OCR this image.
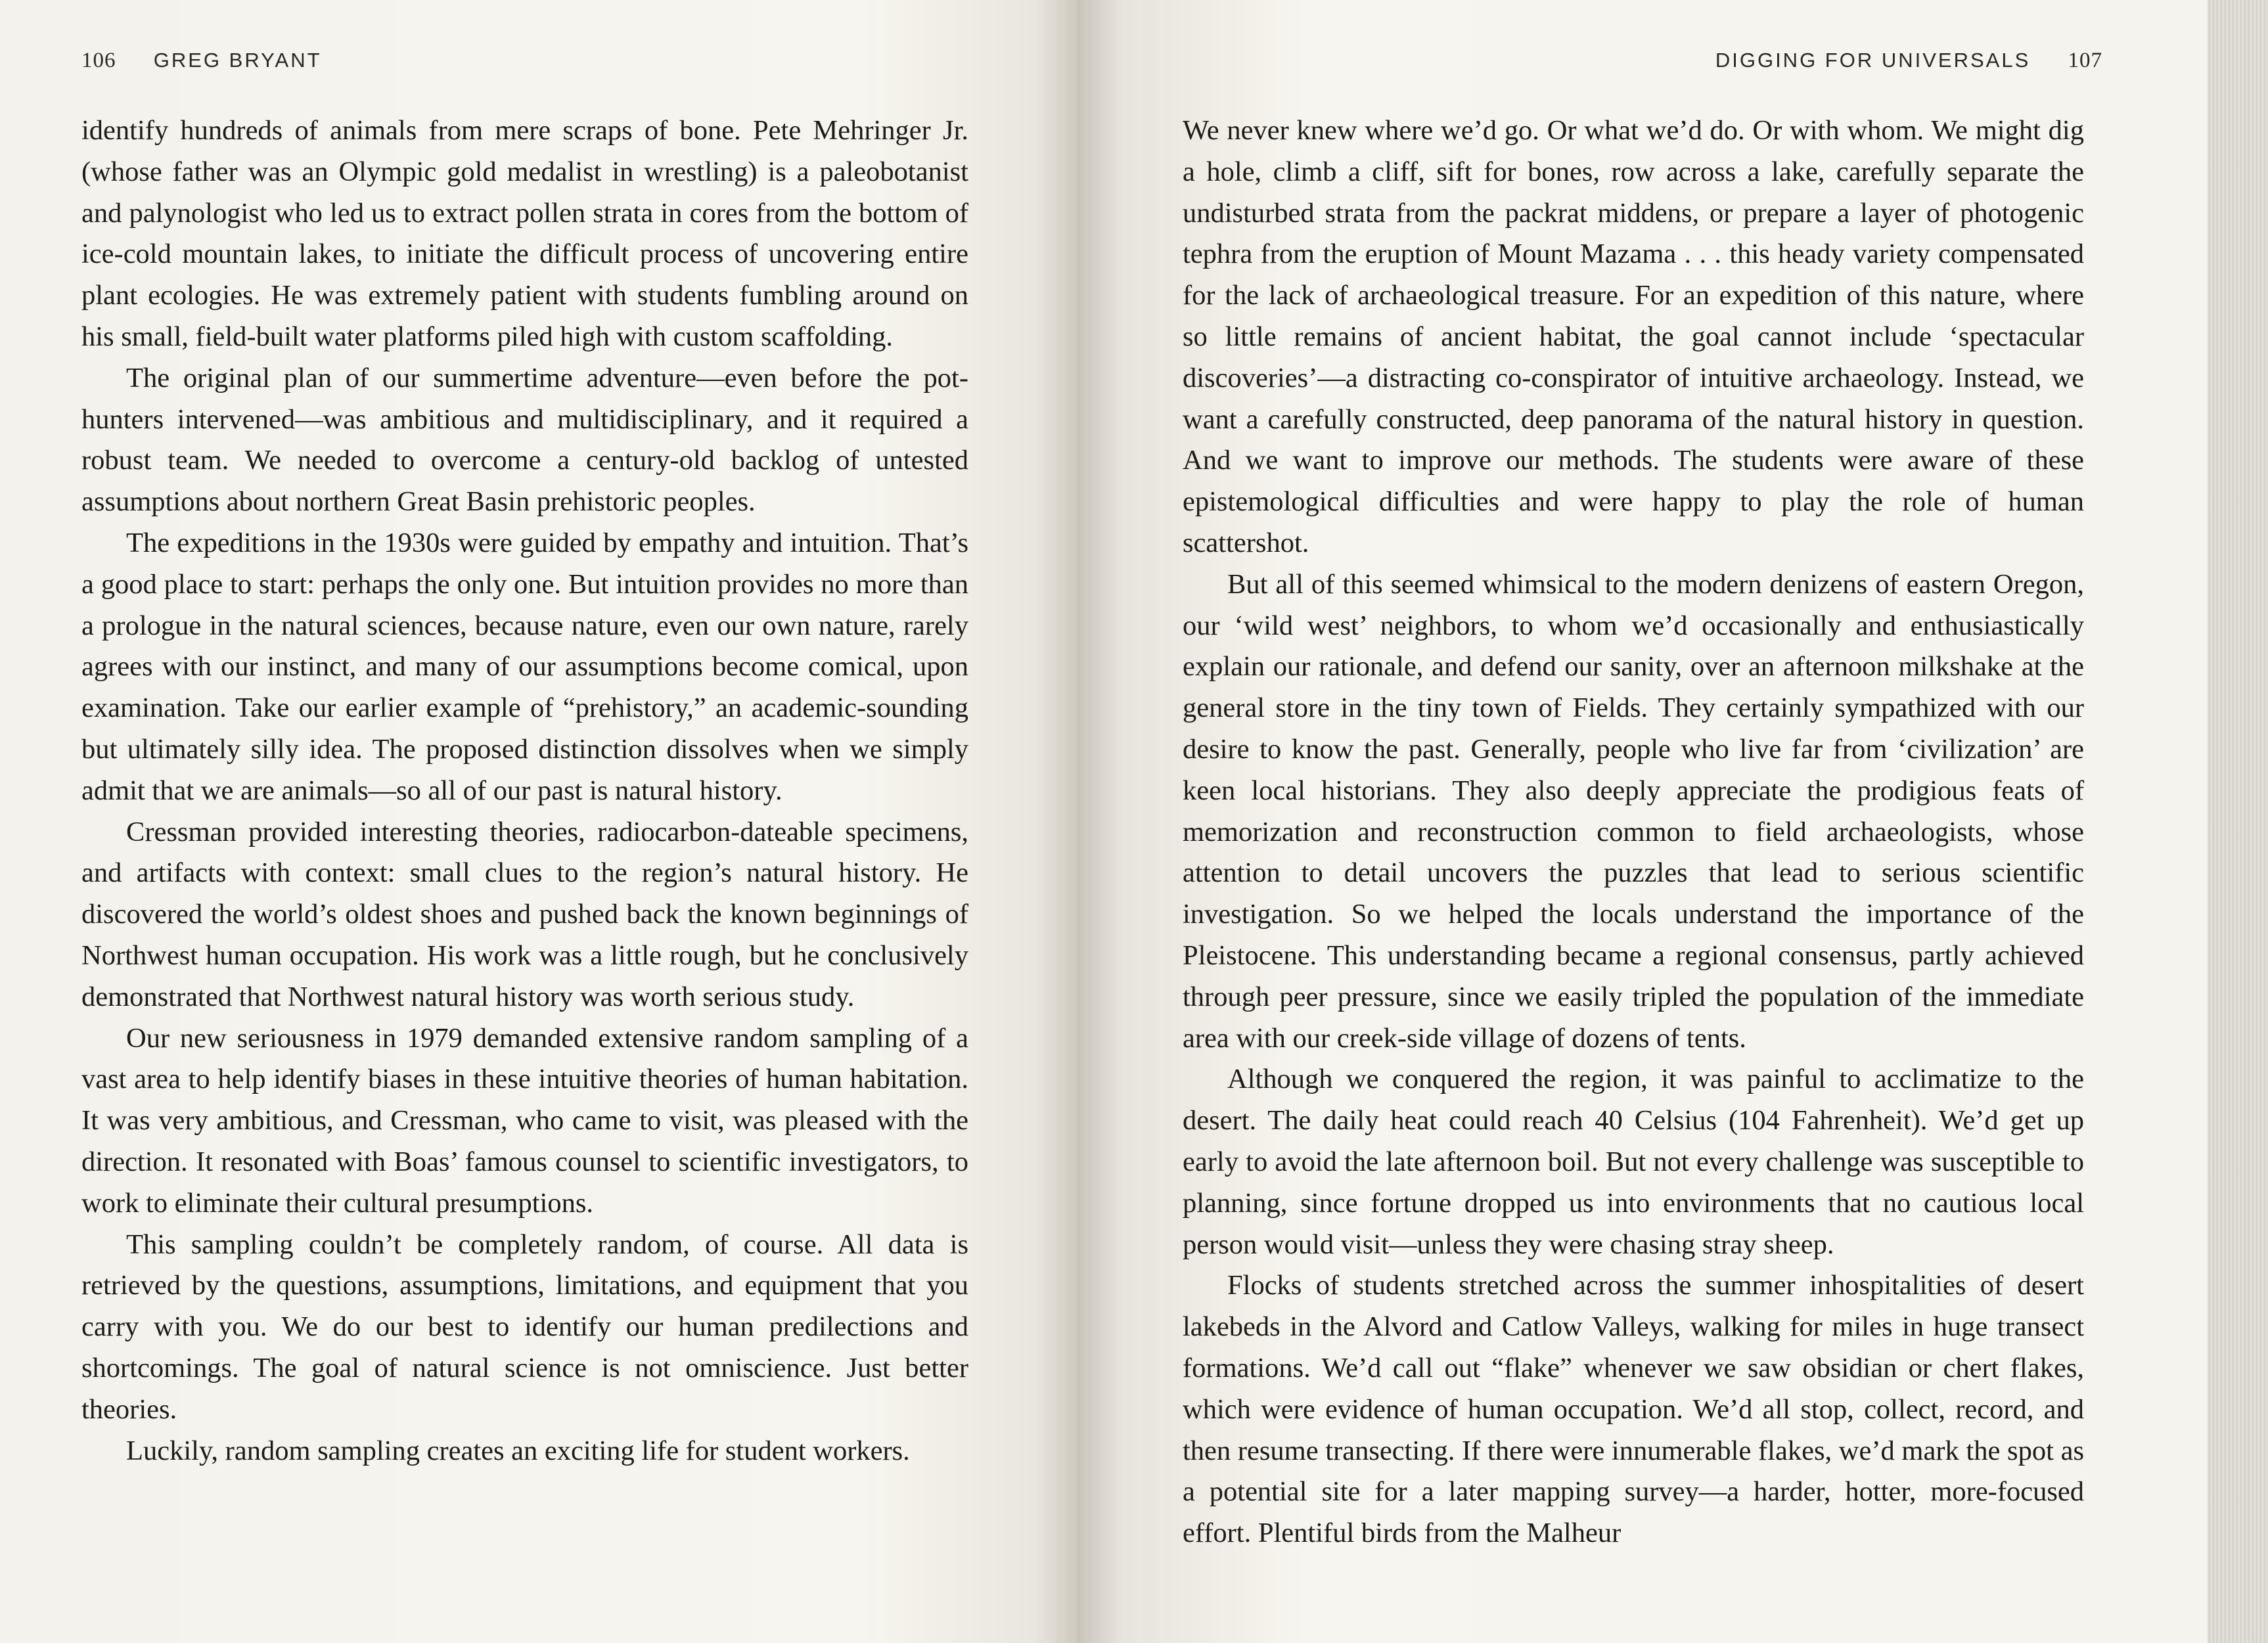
106 GREG BRYANT

identify hundreds of animals from mere scraps of bone. Pete Mehringer Jr. (whose father was an Olympic gold medalist in wrestling) is a paleobotanist and palynologist who led us to extract pollen strata in cores from the bottom of ice-cold mountain lakes, to initiate the difficult process of uncovering entire plant ecologies. He was extremely patient with students fumbling around on his small, field-built water platforms piled high with custom scaffolding.

The original plan of our summertime adventure—even before the pot-hunters intervened—was ambitious and multidisciplinary, and it required a robust team. We needed to overcome a century-old backlog of untested assumptions about northern Great Basin prehistoric peoples.

The expeditions in the 1930s were guided by empathy and intuition. That’s a good place to start: perhaps the only one. But intuition provides no more than a prologue in the natural sciences, because nature, even our own nature, rarely agrees with our instinct, and many of our assumptions become comical, upon examination. Take our earlier example of “prehistory,” an academic-sounding but ultimately silly idea. The proposed distinction dissolves when we simply admit that we are animals—so all of our past is natural history.

Cressman provided interesting theories, radiocarbon-dateable specimens, and artifacts with context: small clues to the region’s natural history. He discovered the world’s oldest shoes and pushed back the known beginnings of Northwest human occupation. His work was a little rough, but he conclusively demonstrated that Northwest natural history was worth serious study.

Our new seriousness in 1979 demanded extensive random sampling of a vast area to help identify biases in these intuitive theories of human habitation. It was very ambitious, and Cressman, who came to visit, was pleased with the direction. It resonated with Boas’ famous counsel to scientific investigators, to work to eliminate their cultural presumptions.

This sampling couldn’t be completely random, of course. All data is retrieved by the questions, assumptions, limitations, and equipment that you carry with you. We do our best to identify our human predilections and shortcomings. The goal of natural science is not omniscience. Just better theories.

Luckily, random sampling creates an exciting life for student workers.

DIGGING FOR UNIVERSALS 107

We never knew where we’d go. Or what we’d do. Or with whom. We might dig a hole, climb a cliff, sift for bones, row across a lake, carefully separate the undisturbed strata from the packrat middens, or prepare a layer of photogenic tephra from the eruption of Mount Mazama . . . this heady variety compensated for the lack of archaeological treasure. For an expedition of this nature, where so little remains of ancient habitat, the goal cannot include ‘spectacular discoveries’—a distracting co-conspirator of intuitive archaeology. Instead, we want a carefully constructed, deep panorama of the natural history in question. And we want to improve our methods. The students were aware of these epistemological difficulties and were happy to play the role of human scattershot.

But all of this seemed whimsical to the modern denizens of eastern Oregon, our ‘wild west’ neighbors, to whom we’d occasionally and enthusiastically explain our rationale, and defend our sanity, over an afternoon milkshake at the general store in the tiny town of Fields. They certainly sympathized with our desire to know the past. Generally, people who live far from ‘civilization’ are keen local historians. They also deeply appreciate the prodigious feats of memorization and reconstruction common to field archaeologists, whose attention to detail uncovers the puzzles that lead to serious scientific investigation. So we helped the locals understand the importance of the Pleistocene. This understanding became a regional consensus, partly achieved through peer pressure, since we easily tripled the population of the immediate area with our creek-side village of dozens of tents.

Although we conquered the region, it was painful to acclimatize to the desert. The daily heat could reach 40 Celsius (104 Fahrenheit). We’d get up early to avoid the late afternoon boil. But not every challenge was susceptible to planning, since fortune dropped us into environments that no cautious local person would visit—unless they were chasing stray sheep.

Flocks of students stretched across the summer inhospitalities of desert lakebeds in the Alvord and Catlow Valleys, walking for miles in huge transect formations. We’d call out “flake” whenever we saw obsidian or chert flakes, which were evidence of human occupation. We’d all stop, collect, record, and then resume transecting. If there were innumerable flakes, we’d mark the spot as a potential site for a later mapping survey—a harder, hotter, more-focused effort. Plentiful birds from the Malheur
